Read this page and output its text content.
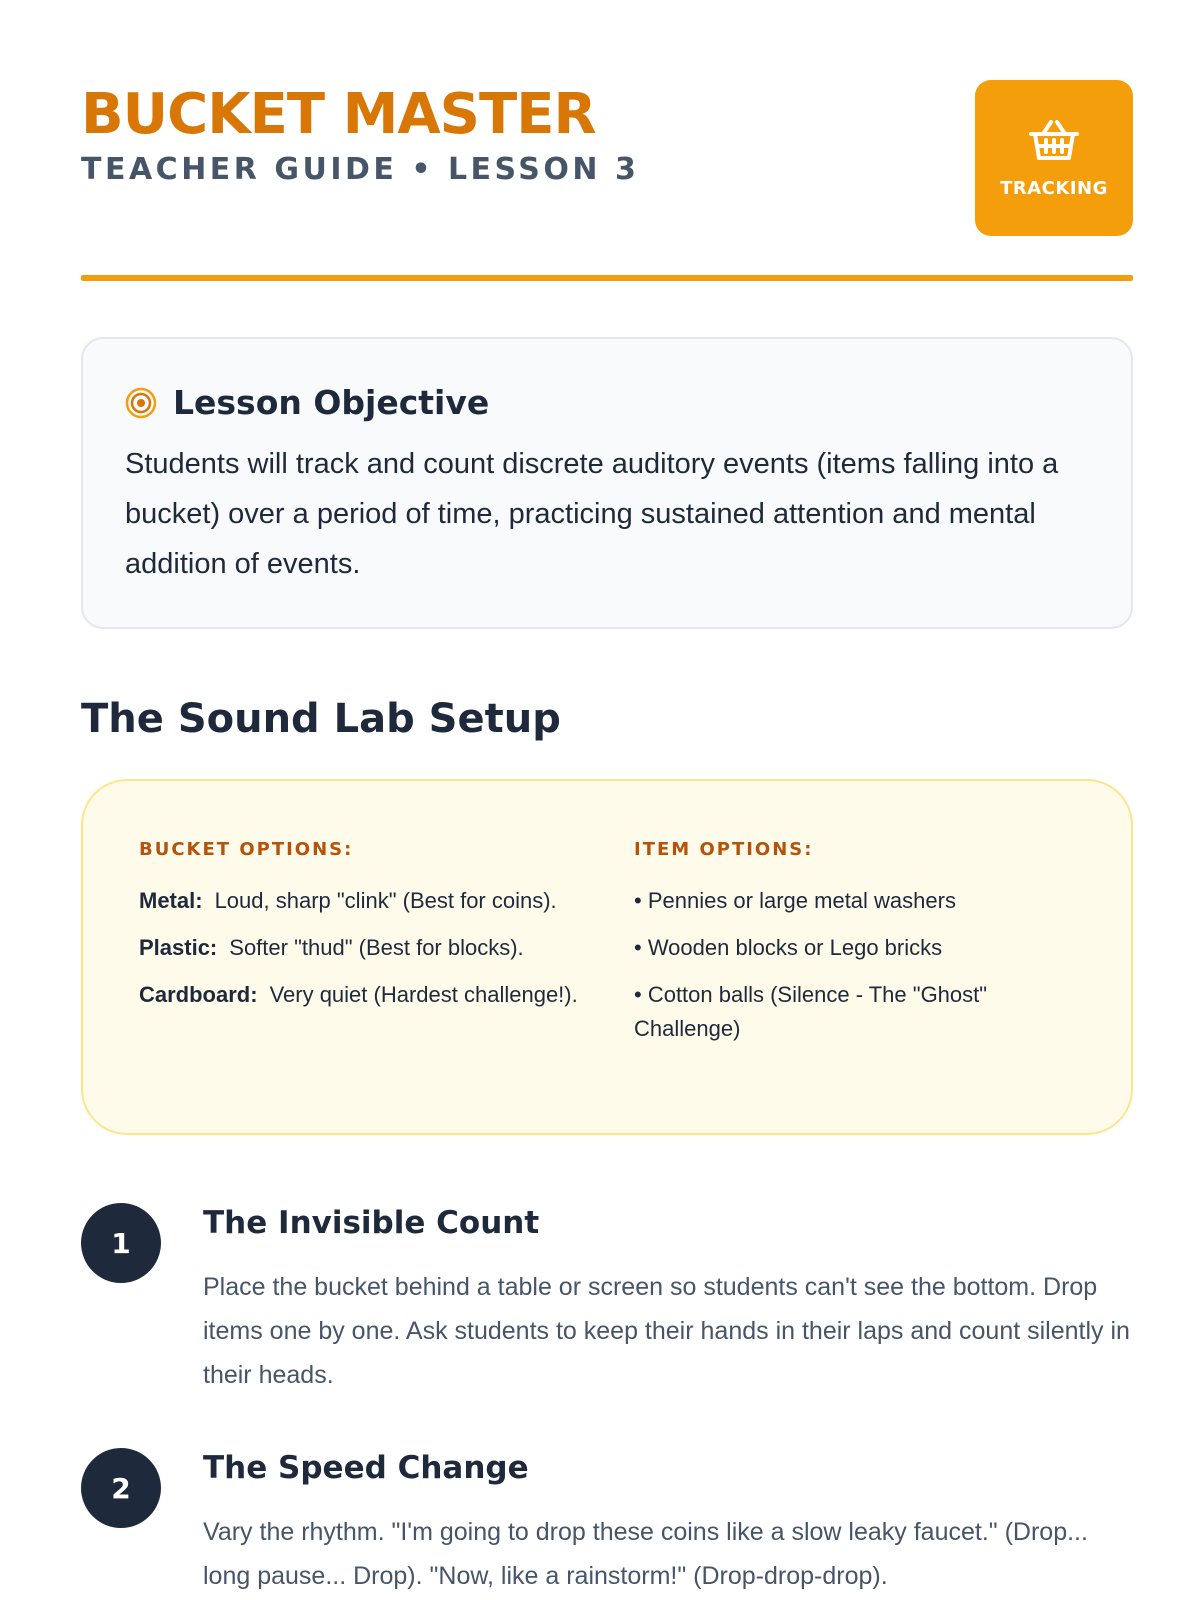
BUCKET MASTER
TEACHER GUIDE • LESSON 3
TRACKING
Lesson Objective
Students will track and count discrete auditory events (items falling into a bucket) over a period of time, practicing sustained attention and mental addition of events.
The Sound Lab Setup
BUCKET OPTIONS:
Metal: Loud, sharp "clink" (Best for coins).
Plastic: Softer "thud" (Best for blocks).
Cardboard: Very quiet (Hardest challenge!).
ITEM OPTIONS:
• Pennies or large metal washers
• Wooden blocks or Lego bricks
• Cotton balls (Silence - The "Ghost" Challenge)
1
The Invisible Count
Place the bucket behind a table or screen so students can't see the bottom. Drop items one by one. Ask students to keep their hands in their laps and count silently in their heads.
2
The Speed Change
Vary the rhythm. "I'm going to drop these coins like a slow leaky faucet." (Drop... long pause... Drop). "Now, like a rainstorm!" (Drop-drop-drop).
